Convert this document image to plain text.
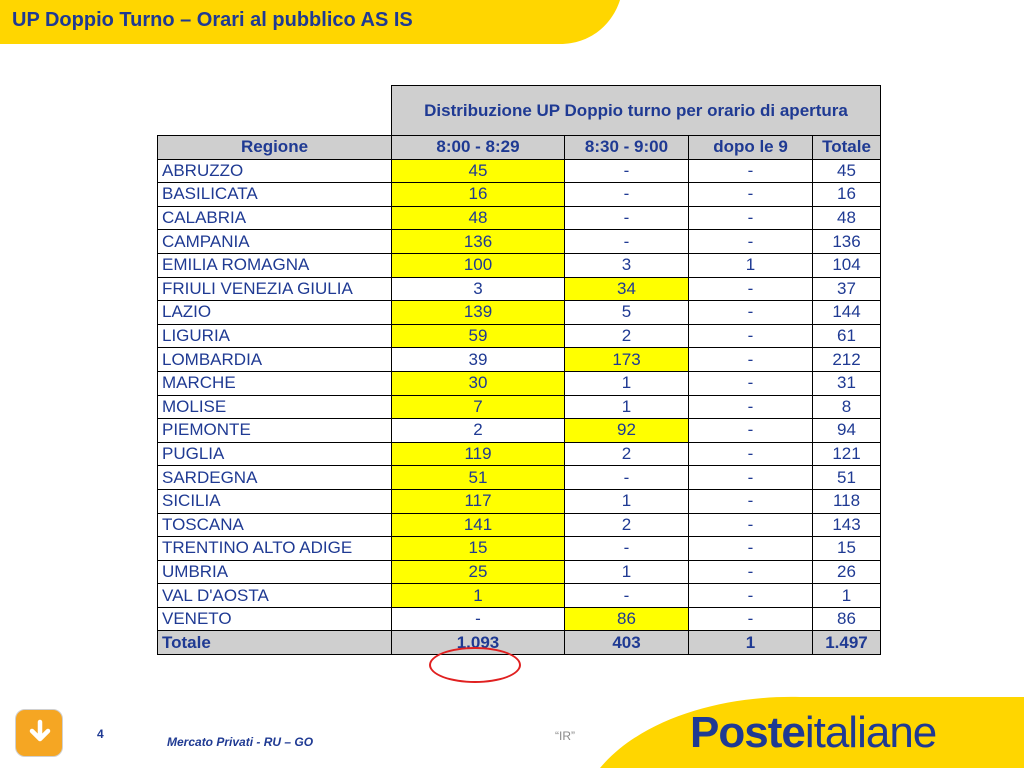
UP Doppio Turno – Orari al pubblico AS IS
	Distribuzione UP Doppio turno per orario di apertura			
Regione	8:00 - 8:29	8:30 - 9:00	dopo le 9	Totale
ABRUZZO	45	-	-	45
BASILICATA	16	-	-	16
CALABRIA	48	-	-	48
CAMPANIA	136	-	-	136
EMILIA ROMAGNA	100	3	1	104
FRIULI VENEZIA GIULIA	3	34	-	37
LAZIO	139	5	-	144
LIGURIA	59	2	-	61
LOMBARDIA	39	173	-	212
MARCHE	30	1	-	31
MOLISE	7	1	-	8
PIEMONTE	2	92	-	94
PUGLIA	119	2	-	121
SARDEGNA	51	-	-	51
SICILIA	117	1	-	118
TOSCANA	141	2	-	143
TRENTINO ALTO ADIGE	15	-	-	15
UMBRIA	25	1	-	26
VAL D'AOSTA	1	-	-	1
VENETO	-	86	-	86
Totale	1.093	403	1	1.497
4
Mercato Privati - RU – GO	“IR”	Posteitaliane
